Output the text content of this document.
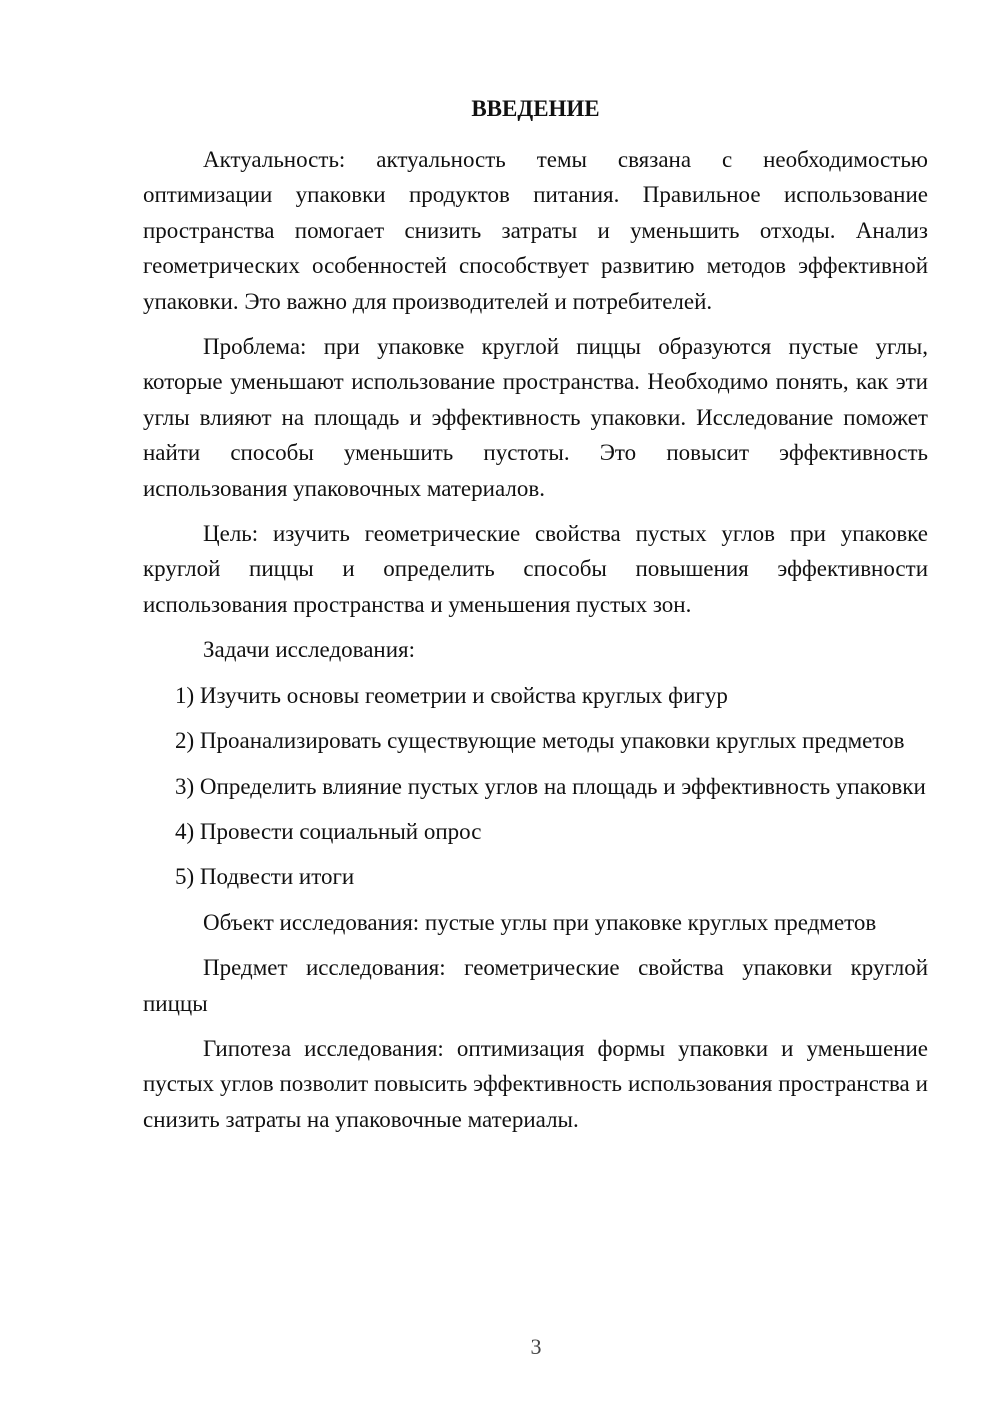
ВВЕДЕНИЕ

Актуальность: актуальность темы связана с необходимостью оптимизации упаковки продуктов питания. Правильное использование пространства помогает снизить затраты и уменьшить отходы. Анализ геометрических особенностей способствует развитию методов эффективной упаковки. Это важно для производителей и потребителей.

Проблема: при упаковке круглой пиццы образуются пустые углы, которые уменьшают использование пространства. Необходимо понять, как эти углы влияют на площадь и эффективность упаковки. Исследование поможет найти способы уменьшить пустоты. Это повысит эффективность использования упаковочных материалов.

Цель: изучить геометрические свойства пустых углов при упаковке круглой пиццы и определить способы повышения эффективности использования пространства и уменьшения пустых зон.

Задачи исследования:

1) Изучить основы геометрии и свойства круглых фигур

2) Проанализировать существующие методы упаковки круглых предметов

3) Определить влияние пустых углов на площадь и эффективность упаковки

4) Провести социальный опрос

5) Подвести итоги

Объект исследования: пустые углы при упаковке круглых предметов

Предмет исследования: геометрические свойства упаковки круглой пиццы

Гипотеза исследования: оптимизация формы упаковки и уменьшение пустых углов позволит повысить эффективность использования пространства и снизить затраты на упаковочные материалы.

3
